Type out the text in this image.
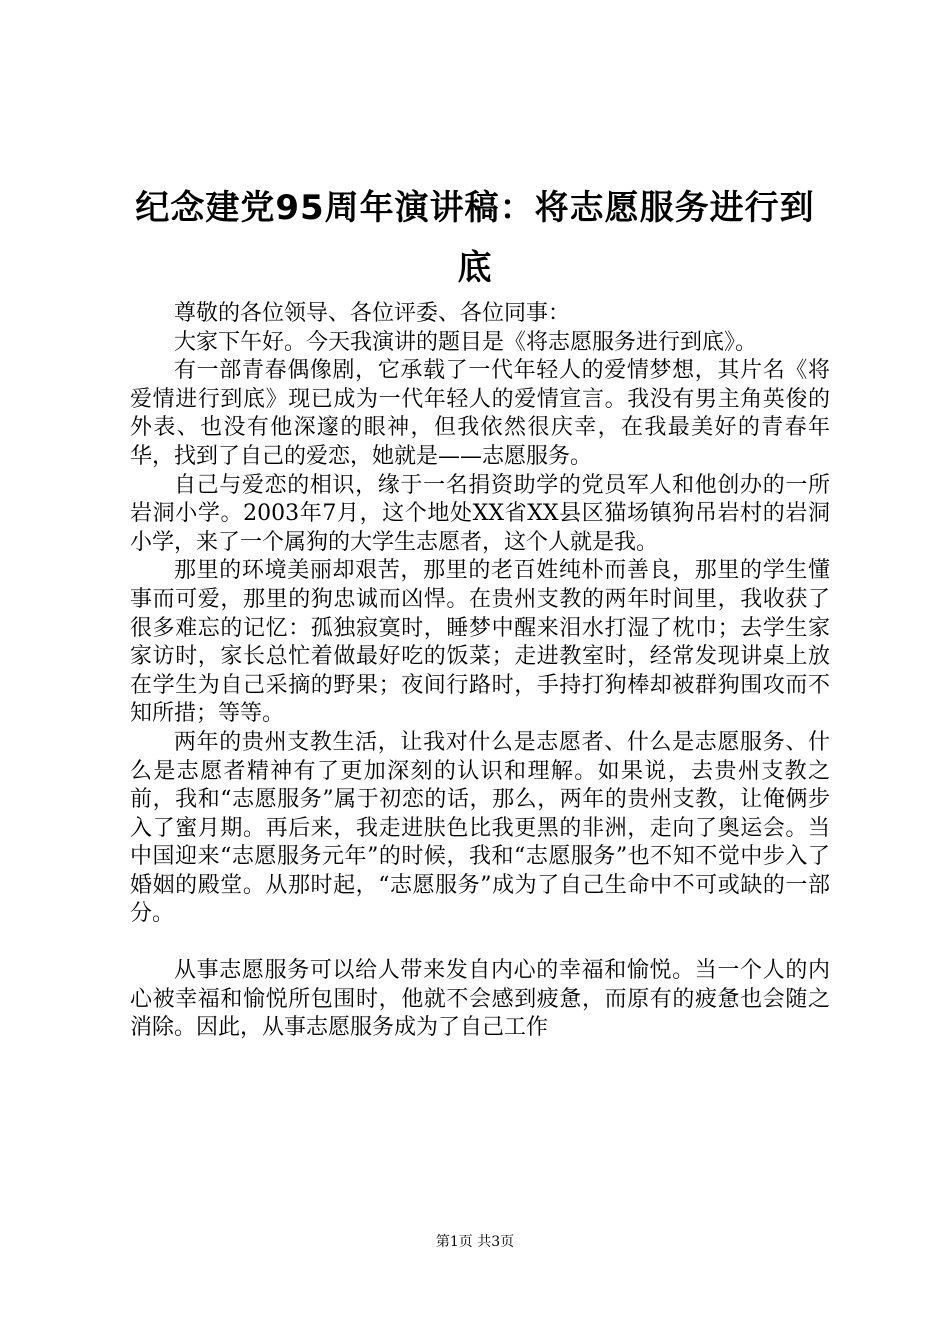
纪念建党95周年演讲稿：将志愿服务进行到底

尊敬的各位领导、各位评委、各位同事：

大家下午好。今天我演讲的题目是《将志愿服务进行到底》。

有一部青春偶像剧，它承载了一代年轻人的爱情梦想，其片名《将爱情进行到底》现已成为一代年轻人的爱情宣言。我没有男主角英俊的外表、也没有他深邃的眼神，但我依然很庆幸，在我最美好的青春年华，找到了自己的爱恋，她就是——志愿服务。

自己与爱恋的相识，缘于一名捐资助学的党员军人和他创办的一所岩洞小学。2003年7月，这个地处XX省XX县区猫场镇狗吊岩村的岩洞小学，来了一个属狗的大学生志愿者，这个人就是我。

那里的环境美丽却艰苦，那里的老百姓纯朴而善良，那里的学生懂事而可爱，那里的狗忠诚而凶悍。在贵州支教的两年时间里，我收获了很多难忘的记忆：孤独寂寞时，睡梦中醒来泪水打湿了枕巾；去学生家家访时，家长总忙着做最好吃的饭菜；走进教室时，经常发现讲桌上放在学生为自己采摘的野果；夜间行路时，手持打狗棒却被群狗围攻而不知所措；等等。

两年的贵州支教生活，让我对什么是志愿者、什么是志愿服务、什么是志愿者精神有了更加深刻的认识和理解。如果说，去贵州支教之前，我和“志愿服务”属于初恋的话，那么，两年的贵州支教，让俺俩步入了蜜月期。再后来，我走进肤色比我更黑的非洲，走向了奥运会。当中国迎来“志愿服务元年”的时候，我和“志愿服务”也不知不觉中步入了婚姻的殿堂。从那时起，“志愿服务”成为了自己生命中不可或缺的一部分。

从事志愿服务可以给人带来发自内心的幸福和愉悦。当一个人的内心被幸福和愉悦所包围时，他就不会感到疲惫，而原有的疲惫也会随之消除。因此，从事志愿服务成为了自己工作

第1页 共3页
